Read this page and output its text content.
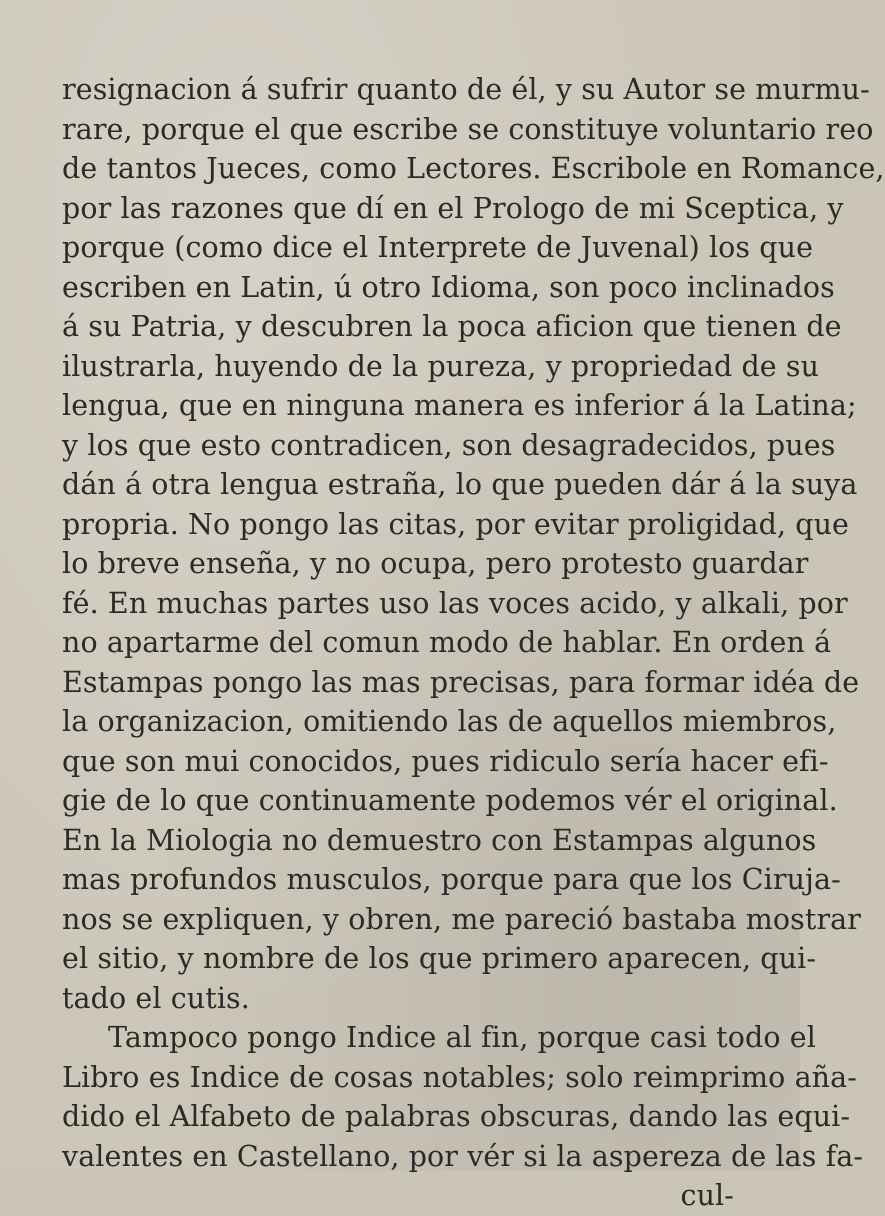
resignacion á sufrir quanto de él, y su Autor se murmu-
rare, porque el que escribe se constituye voluntario reo
de tantos Jueces, como Lectores. Escribole en Romance,
por las razones que dí en el Prologo de mi Sceptica, y
porque (como dice el Interprete de Juvenal) los que
escriben en Latin, ú otro Idioma, son poco inclinados
á su Patria, y descubren la poca aficion que tienen de
ilustrarla, huyendo de la pureza, y propriedad de su
lengua, que en ninguna manera es inferior á la Latina;
y los que esto contradicen, son desagradecidos, pues
dán á otra lengua estraña, lo que pueden dár á la suya
propria. No pongo las citas, por evitar proligidad, que
lo breve enseña, y no ocupa, pero protesto guardar
fé. En muchas partes uso las voces acido, y alkali, por
no apartarme del comun modo de hablar. En orden á
Estampas pongo las mas precisas, para formar idéa de
la organizacion, omitiendo las de aquellos miembros,
que son mui conocidos, pues ridiculo sería hacer efi-
gie de lo que continuamente podemos vér el original.
En la Miologia no demuestro con Estampas algunos
mas profundos musculos, porque para que los Ciruja-
nos se expliquen, y obren, me pareció bastaba mostrar
el sitio, y nombre de los que primero aparecen, qui-
tado el cutis.
Tampoco pongo Indice al fin, porque casi todo el
Libro es Indice de cosas notables; solo reimprimo aña-
dido el Alfabeto de palabras obscuras, dando las equi-
valentes en Castellano, por vér si la aspereza de las fa-
cul-
